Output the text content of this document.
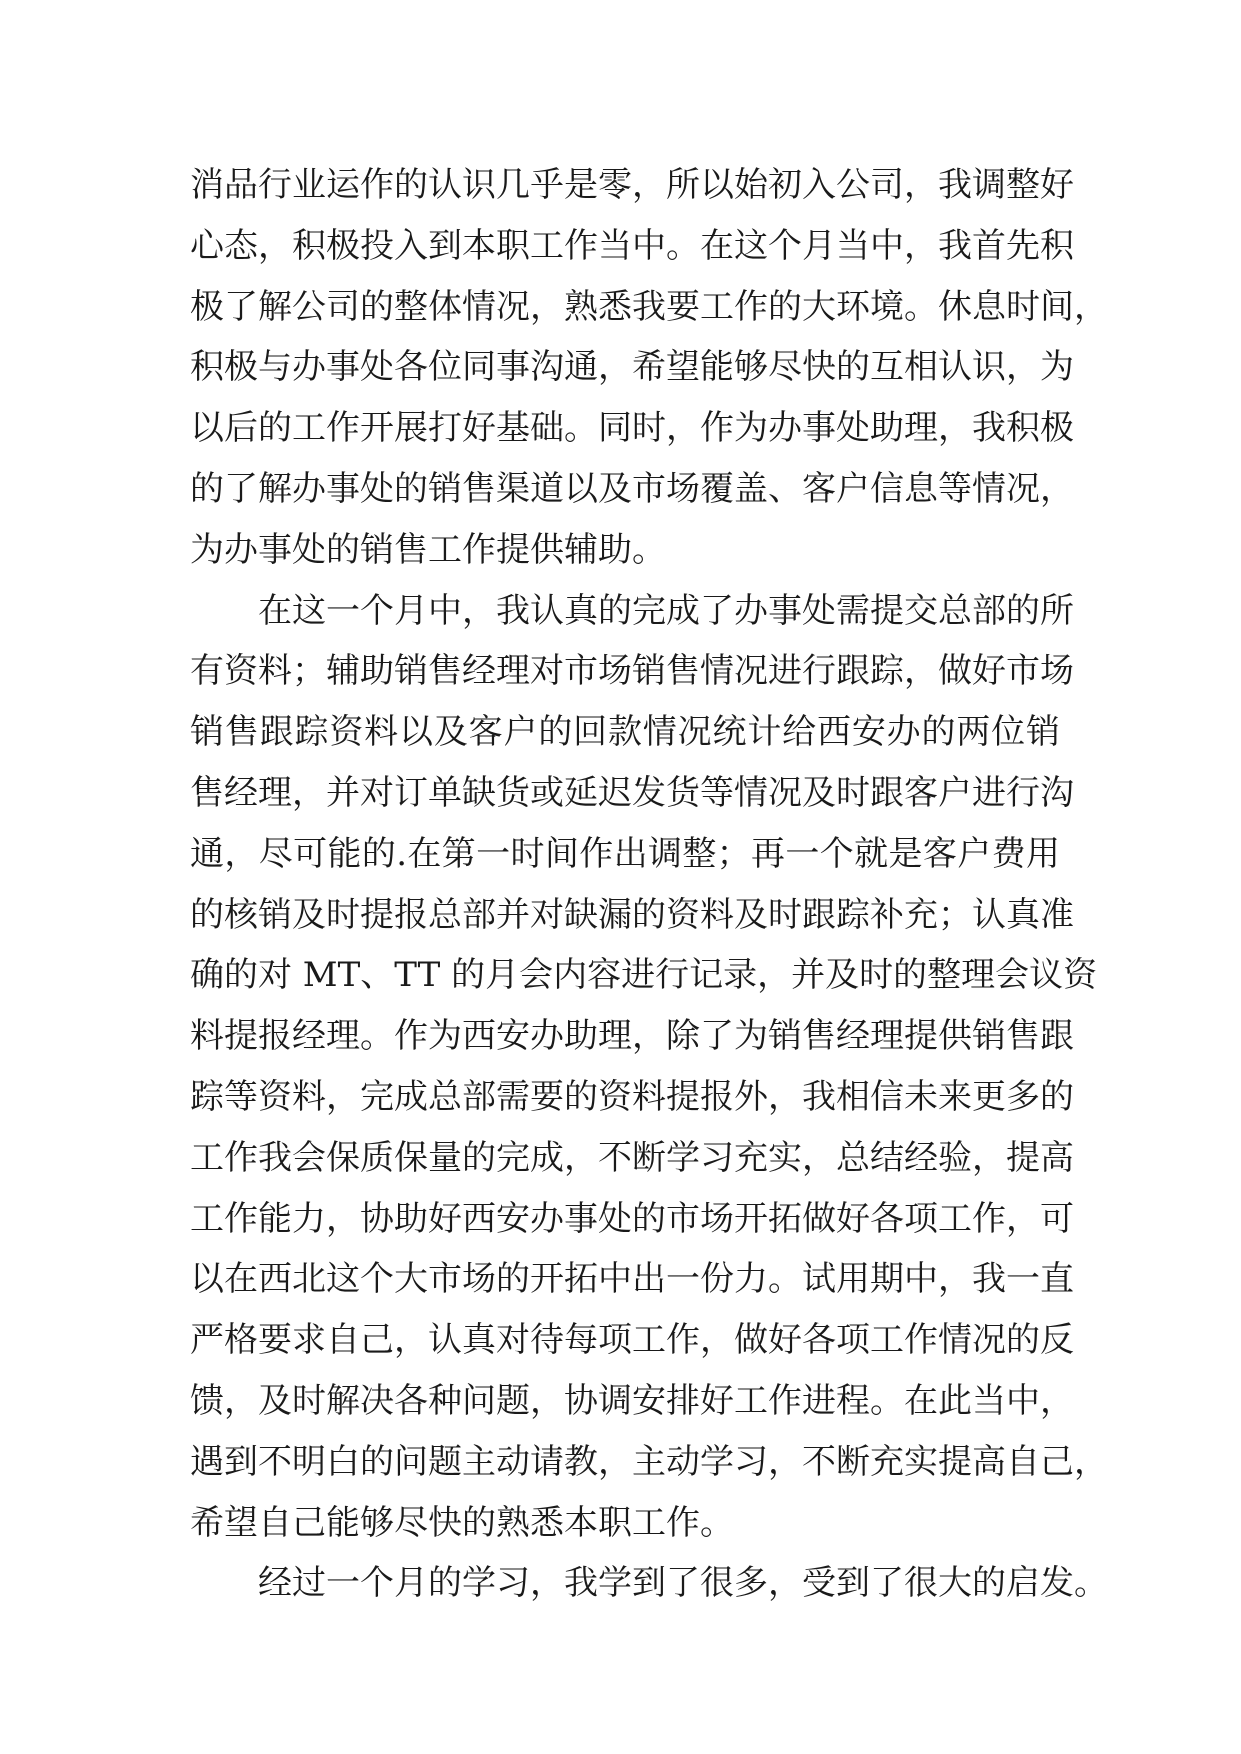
消品行业运作的认识几乎是零，所以始初入公司，我调整好
心态，积极投入到本职工作当中。在这个月当中，我首先积
极了解公司的整体情况，熟悉我要工作的大环境。休息时间，
积极与办事处各位同事沟通，希望能够尽快的互相认识，为
以后的工作开展打好基础。同时，作为办事处助理，我积极
的了解办事处的销售渠道以及市场覆盖、客户信息等情况，
为办事处的销售工作提供辅助。
在这一个月中，我认真的完成了办事处需提交总部的所
有资料；辅助销售经理对市场销售情况进行跟踪，做好市场
销售跟踪资料以及客户的回款情况统计给西安办的两位销
售经理，并对订单缺货或延迟发货等情况及时跟客户进行沟
通，尽可能的.在第一时间作出调整；再一个就是客户费用
的核销及时提报总部并对缺漏的资料及时跟踪补充；认真准
确的对 MT、TT 的月会内容进行记录，并及时的整理会议资
料提报经理。作为西安办助理，除了为销售经理提供销售跟
踪等资料，完成总部需要的资料提报外，我相信未来更多的
工作我会保质保量的完成，不断学习充实，总结经验，提高
工作能力，协助好西安办事处的市场开拓做好各项工作，可
以在西北这个大市场的开拓中出一份力。试用期中，我一直
严格要求自己，认真对待每项工作，做好各项工作情况的反
馈，及时解决各种问题，协调安排好工作进程。在此当中，
遇到不明白的问题主动请教，主动学习，不断充实提高自己，
希望自己能够尽快的熟悉本职工作。
经过一个月的学习，我学到了很多，受到了很大的启发。
